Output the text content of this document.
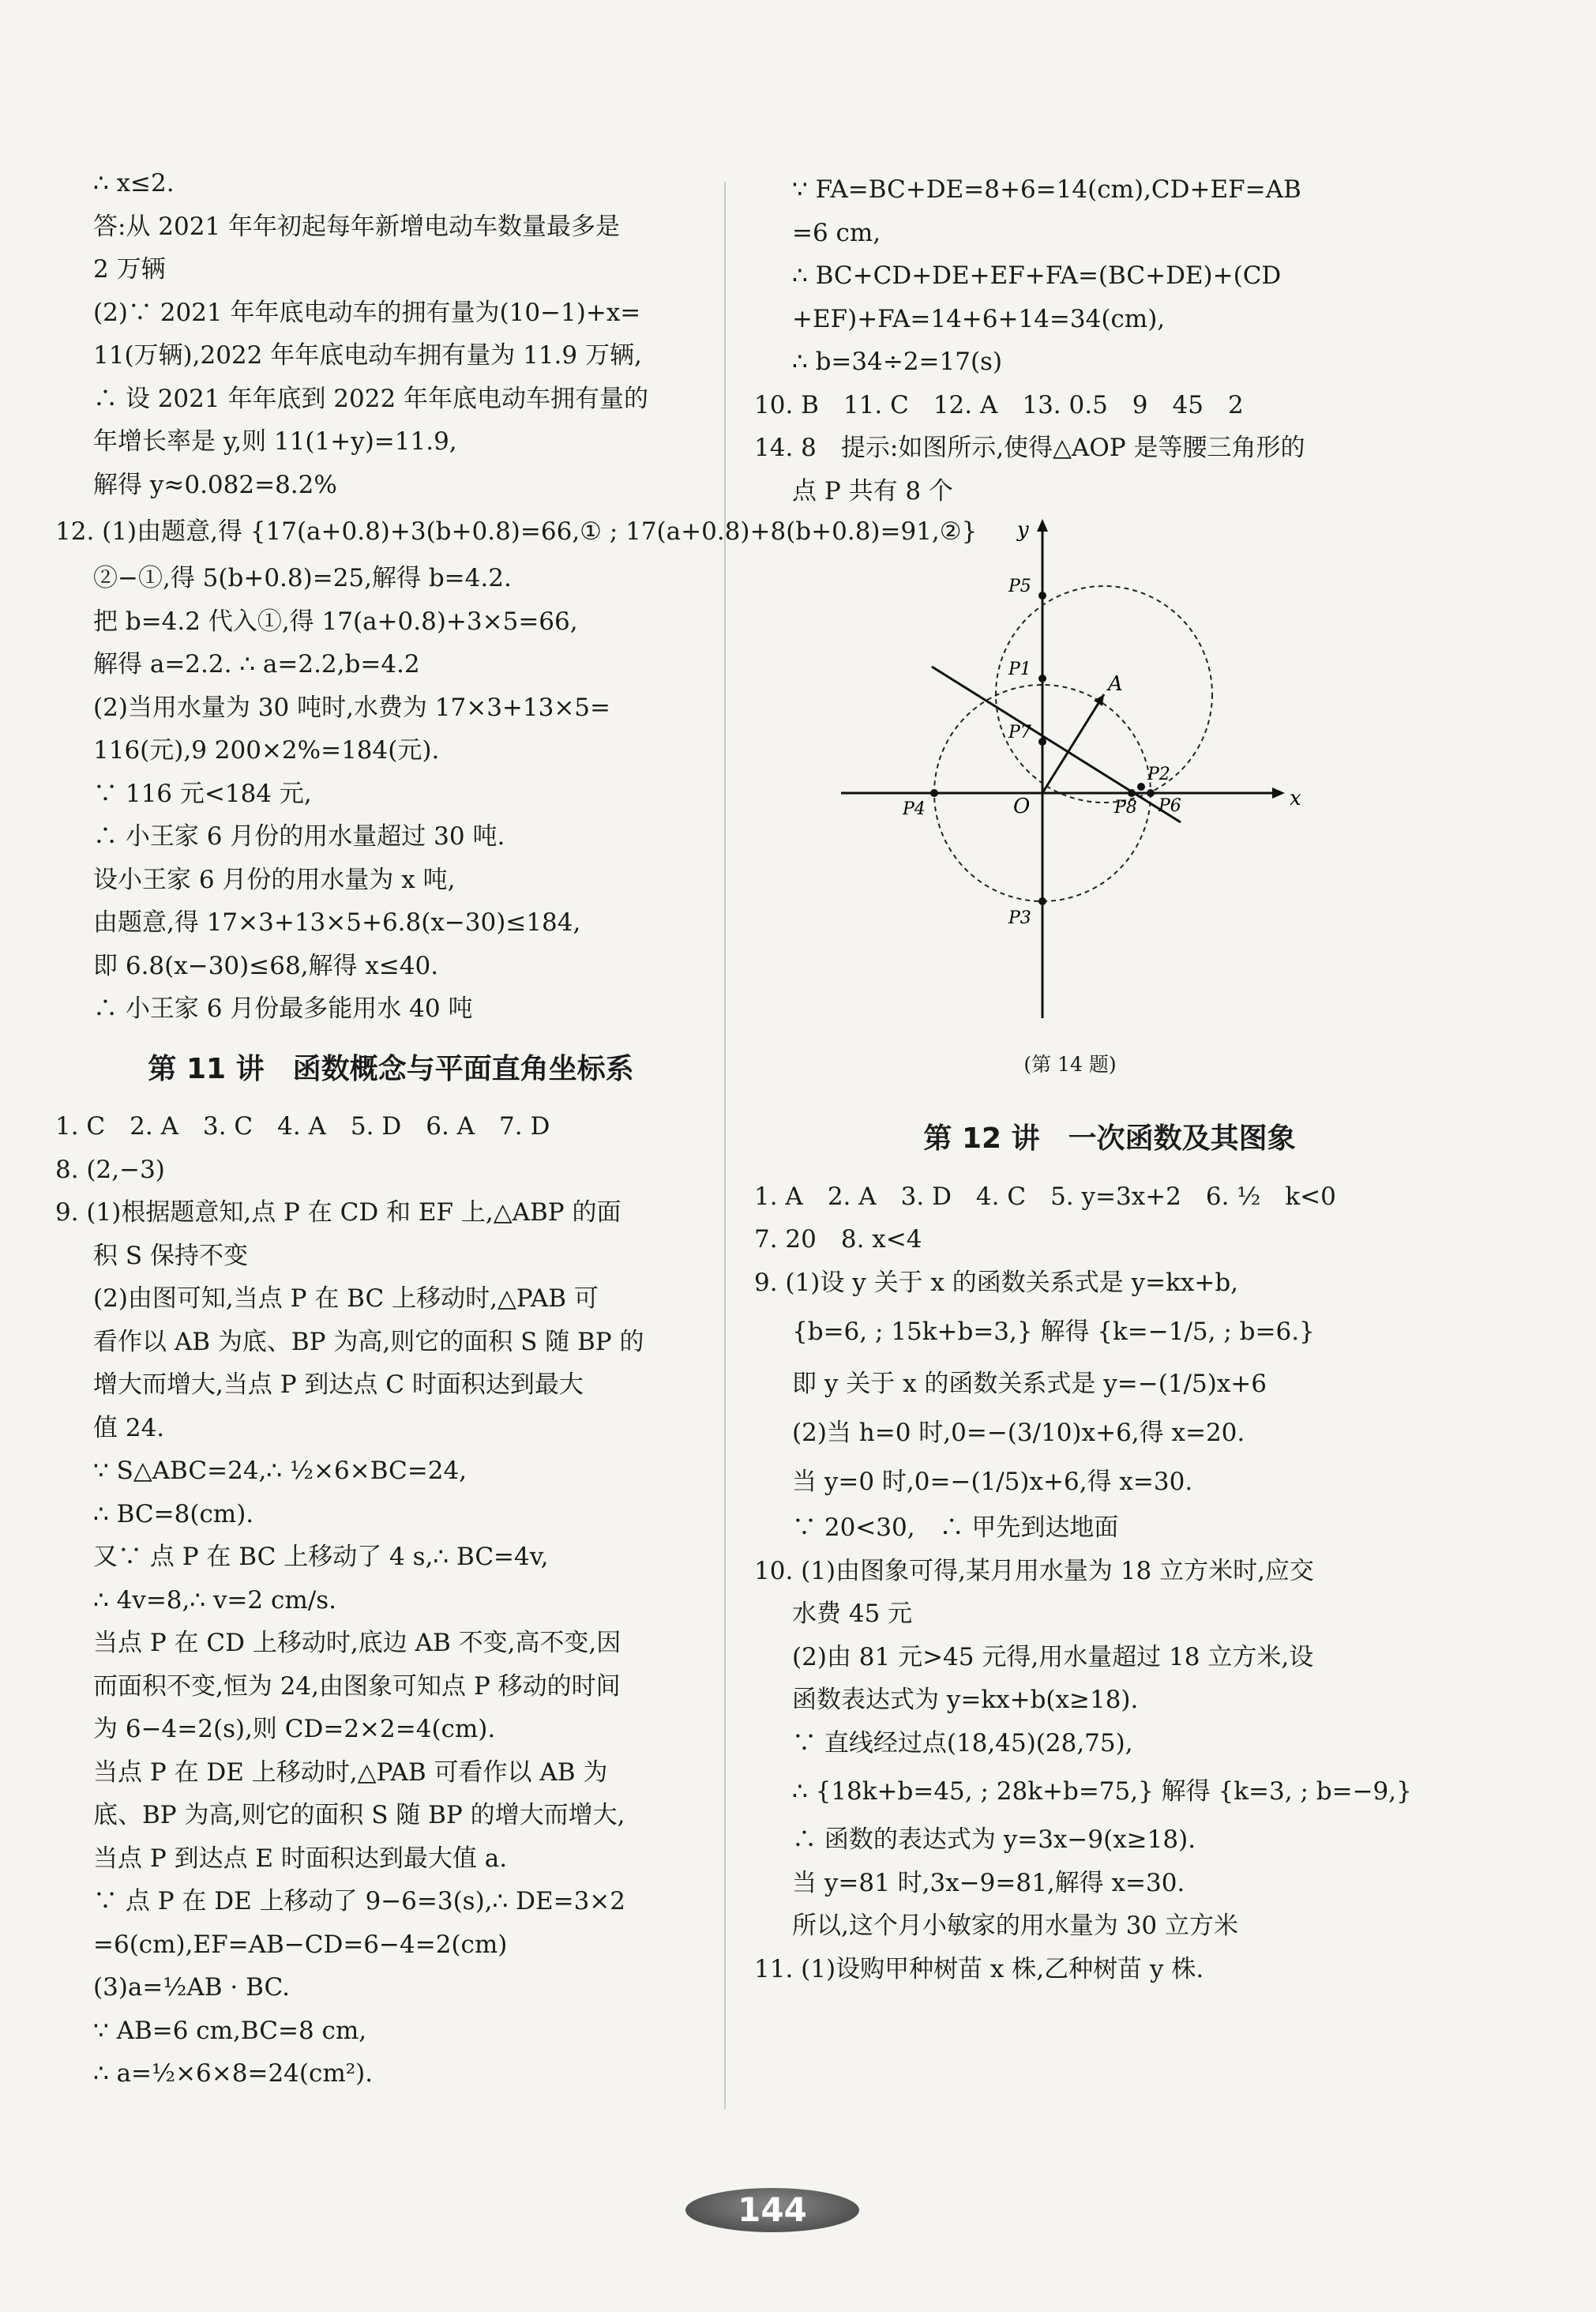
∴ x≤2.
答:从 2021 年年初起每年新增电动车数量最多是
2 万辆
(2)∵ 2021 年年底电动车的拥有量为(10−1)+x=
11(万辆),2022 年年底电动车拥有量为 11.9 万辆,
∴ 设 2021 年年底到 2022 年年底电动车拥有量的
年增长率是 y,则 11(1+y)=11.9,
解得 y≈0.082=8.2%
12. (1)由题意,得 {17(a+0.8)+3(b+0.8)=66,① ; 17(a+0.8)+8(b+0.8)=91,②}
②−①,得 5(b+0.8)=25,解得 b=4.2.
把 b=4.2 代入①,得 17(a+0.8)+3×5=66,
解得 a=2.2. ∴ a=2.2,b=4.2
(2)当用水量为 30 吨时,水费为 17×3+13×5=
116(元),9 200×2%=184(元).
∵ 116 元<184 元,
∴ 小王家 6 月份的用水量超过 30 吨.
设小王家 6 月份的用水量为 x 吨,
由题意,得 17×3+13×5+6.8(x−30)≤184,
即 6.8(x−30)≤68,解得 x≤40.
∴ 小王家 6 月份最多能用水 40 吨
第 11 讲　函数概念与平面直角坐标系
1. C　2. A　3. C　4. A　5. D　6. A　7. D
8. (2,−3)
9. (1)根据题意知,点 P 在 CD 和 EF 上,△ABP 的面
积 S 保持不变
(2)由图可知,当点 P 在 BC 上移动时,△PAB 可
看作以 AB 为底、BP 为高,则它的面积 S 随 BP 的
增大而增大,当点 P 到达点 C 时面积达到最大
值 24.
∵ S△ABC=24,∴ ½×6×BC=24,
∴ BC=8(cm).
又∵ 点 P 在 BC 上移动了 4 s,∴ BC=4v,
∴ 4v=8,∴ v=2 cm/s.
当点 P 在 CD 上移动时,底边 AB 不变,高不变,因
而面积不变,恒为 24,由图象可知点 P 移动的时间
为 6−4=2(s),则 CD=2×2=4(cm).
当点 P 在 DE 上移动时,△PAB 可看作以 AB 为
底、BP 为高,则它的面积 S 随 BP 的增大而增大,
当点 P 到达点 E 时面积达到最大值 a.
∵ 点 P 在 DE 上移动了 9−6=3(s),∴ DE=3×2
=6(cm),EF=AB−CD=6−4=2(cm)
(3)a=½AB · BC.
∵ AB=6 cm,BC=8 cm,
∴ a=½×6×8=24(cm²).
∵ FA=BC+DE=8+6=14(cm),CD+EF=AB
=6 cm,
∴ BC+CD+DE+EF+FA=(BC+DE)+(CD
+EF)+FA=14+6+14=34(cm),
∴ b=34÷2=17(s)
10. B　11. C　12. A　13. 0.5　9　45　2
14. 8　提示:如图所示,使得△AOP 是等腰三角形的
点 P 共有 8 个
y
x
O
A
P1
P2
P3
P4
P5
P6
P7
P8
(第 14 题)
第 12 讲　一次函数及其图象
1. A　2. A　3. D　4. C　5. y=3x+2　6. ½　k<0
7. 20　8. x<4
9. (1)设 y 关于 x 的函数关系式是 y=kx+b,
{b=6, ; 15k+b=3,} 解得 {k=−1/5, ; b=6.}
即 y 关于 x 的函数关系式是 y=−(1/5)x+6
(2)当 h=0 时,0=−(3/10)x+6,得 x=20.
当 y=0 时,0=−(1/5)x+6,得 x=30.
∵ 20<30,　∴ 甲先到达地面
10. (1)由图象可得,某月用水量为 18 立方米时,应交
水费 45 元
(2)由 81 元>45 元得,用水量超过 18 立方米,设
函数表达式为 y=kx+b(x≥18).
∵ 直线经过点(18,45)(28,75),
∴ {18k+b=45, ; 28k+b=75,} 解得 {k=3, ; b=−9,}
∴ 函数的表达式为 y=3x−9(x≥18).
当 y=81 时,3x−9=81,解得 x=30.
所以,这个月小敏家的用水量为 30 立方米
11. (1)设购甲种树苗 x 株,乙种树苗 y 株.
144
